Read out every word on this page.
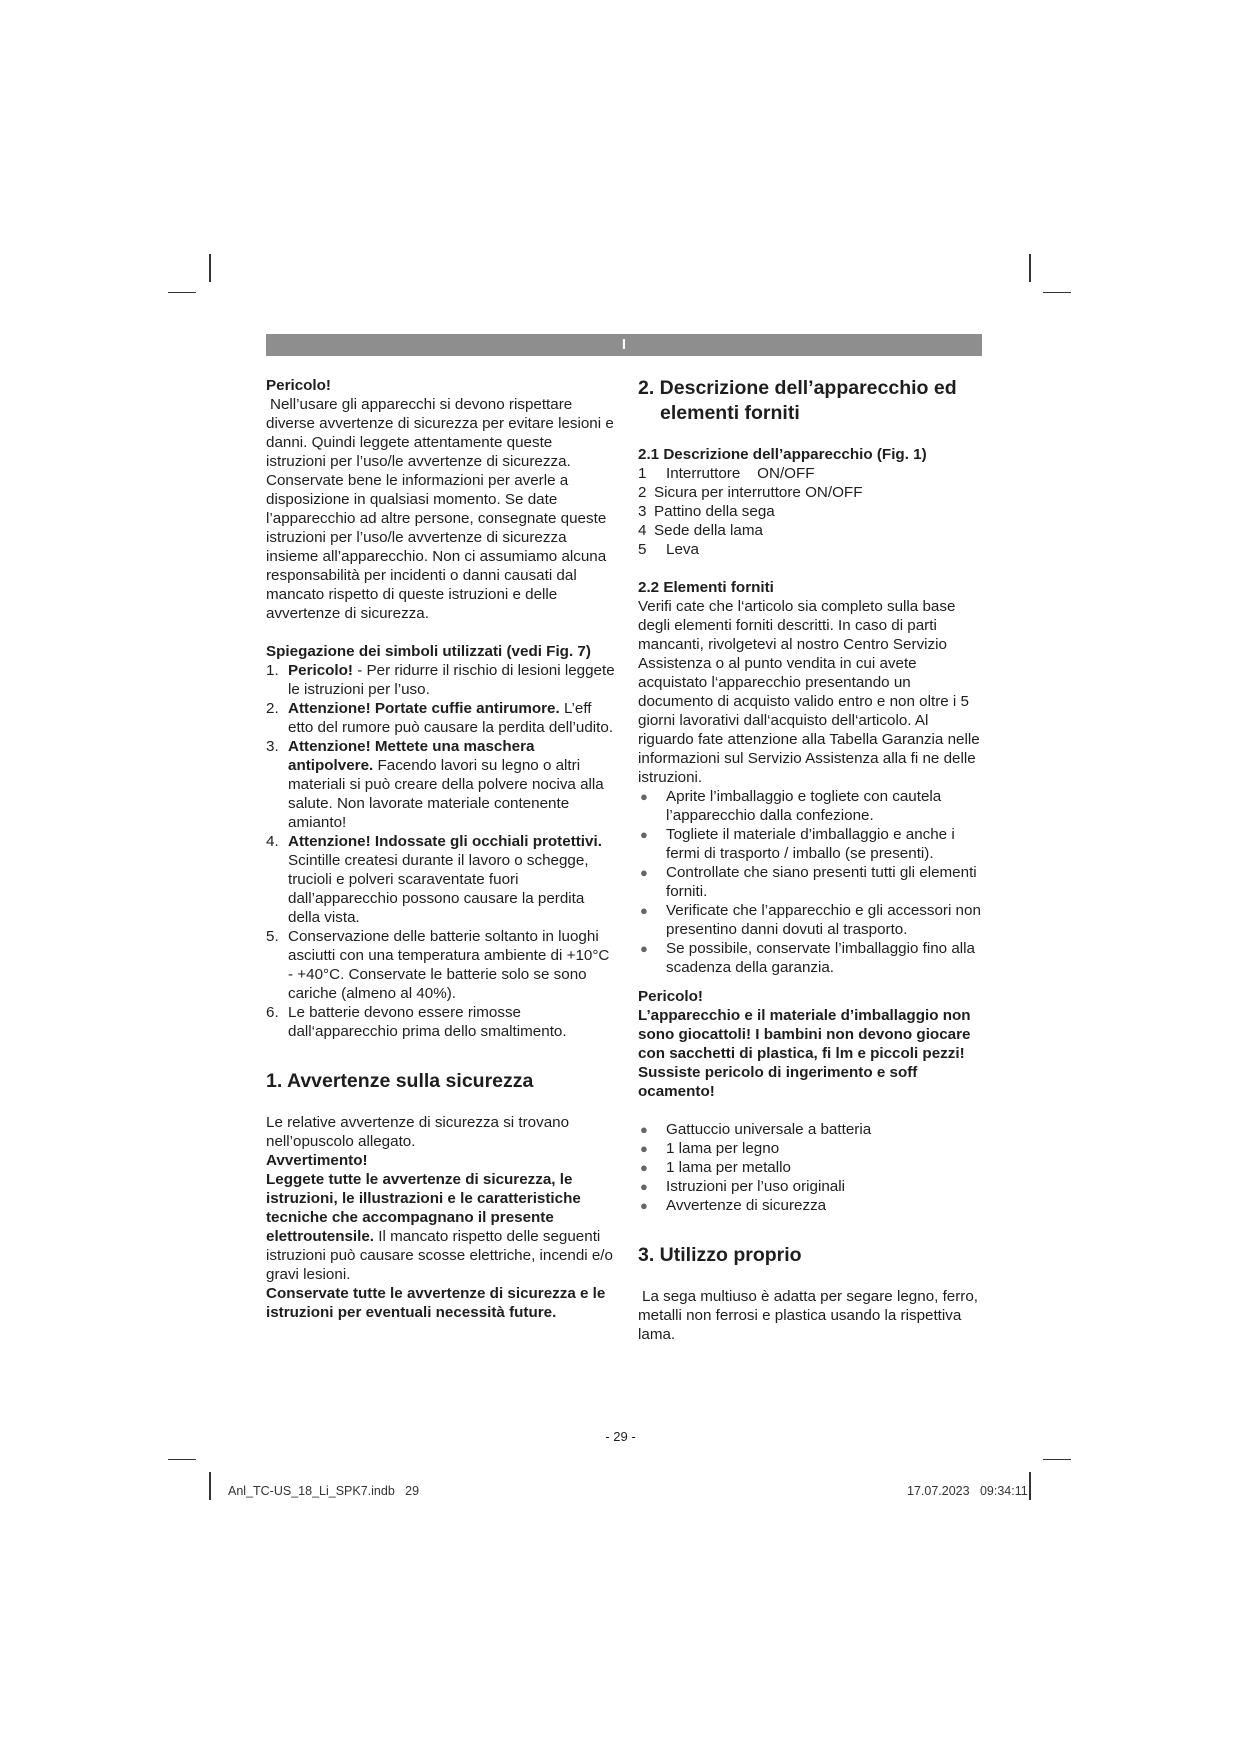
I

Pericolo!

Nell’usare gli apparecchi si devono rispettare diverse avvertenze di sicurezza per evitare lesioni e danni. Quindi leggete attentamente queste istruzioni per l’uso/le avvertenze di sicurezza. Conservate bene le informazioni per averle a disposizione in qualsiasi momento. Se date l’apparecchio ad altre persone, consegnate queste istruzioni per l’uso/le avvertenze di sicurezza insieme all’apparecchio. Non ci assumiamo alcuna responsabilità per incidenti o danni causati dal mancato rispetto di queste istruzioni e delle avvertenze di sicurezza.

Spiegazione dei simboli utilizzati (vedi Fig. 7)

1. Pericolo! - Per ridurre il rischio di lesioni leggete le istruzioni per l’uso.
2. Attenzione! Portate cuffie antirumore. L’eff etto del rumore può causare la perdita dell’udito.
3. Attenzione! Mettete una maschera antipolvere. Facendo lavori su legno o altri materiali si può creare della polvere nociva alla salute. Non lavorate materiale contenente amianto!
4. Attenzione! Indossate gli occhiali protettivi. Scintille createsi durante il lavoro o schegge, trucioli e polveri scaraventate fuori dall’apparecchio possono causare la perdita della vista.
5. Conservazione delle batterie soltanto in luoghi asciutti con una temperatura ambiente di +10°C - +40°C. Conservate le batterie solo se sono cariche (almeno al 40%).
6. Le batterie devono essere rimosse dall‘apparecchio prima dello smaltimento.

1. Avvertenze sulla sicurezza

Le relative avvertenze di sicurezza si trovano nell’opuscolo allegato.

Avvertimento!

Leggete tutte le avvertenze di sicurezza, le istruzioni, le illustrazioni e le caratteristiche tecniche che accompagnano il presente elettroutensile. Il mancato rispetto delle seguenti istruzioni può causare scosse elettriche, incendi e/o gravi lesioni.

Conservate tutte le avvertenze di sicurezza e le istruzioni per eventuali necessità future.

2. Descrizione dell’apparecchio ed elementi forniti

2.1 Descrizione dell’apparecchio (Fig. 1)

1 Interruttore    ON/OFF
2 Sicura per interruttore ON/OFF
3 Pattino della sega
4 Sede della lama
5 Leva

2.2 Elementi forniti

Verifi cate che l‘articolo sia completo sulla base degli elementi forniti descritti. In caso di parti mancanti, rivolgetevi al nostro Centro Servizio Assistenza o al punto vendita in cui avete acquistato l‘apparecchio presentando un documento di acquisto valido entro e non oltre i 5 giorni lavorativi dall‘acquisto dell‘articolo. Al riguardo fate attenzione alla Tabella Garanzia nelle informazioni sul Servizio Assistenza alla fi ne delle istruzioni.

● Aprite l’imballaggio e togliete con cautela l’apparecchio dalla confezione.
● Togliete il materiale d’imballaggio e anche i fermi di trasporto / imballo (se presenti).
● Controllate che siano presenti tutti gli elementi forniti.
● Verificate che l’apparecchio e gli accessori non presentino danni dovuti al trasporto.
● Se possibile, conservate l’imballaggio fino alla scadenza della garanzia.

Pericolo!

L’apparecchio e il materiale d’imballaggio non sono giocattoli! I bambini non devono giocare con sacchetti di plastica, fi lm e piccoli pezzi! Sussiste pericolo di ingerimento e soff ocamento!

● Gattuccio universale a batteria
● 1 lama per legno
● 1 lama per metallo
● Istruzioni per l’uso originali
● Avvertenze di sicurezza

3. Utilizzo proprio

La sega multiuso è adatta per segare legno, ferro, metalli non ferrosi e plastica usando la rispettiva lama.

- 29 -
Anl_TC-US_18_Li_SPK7.indb   29	17.07.2023   09:34:11
